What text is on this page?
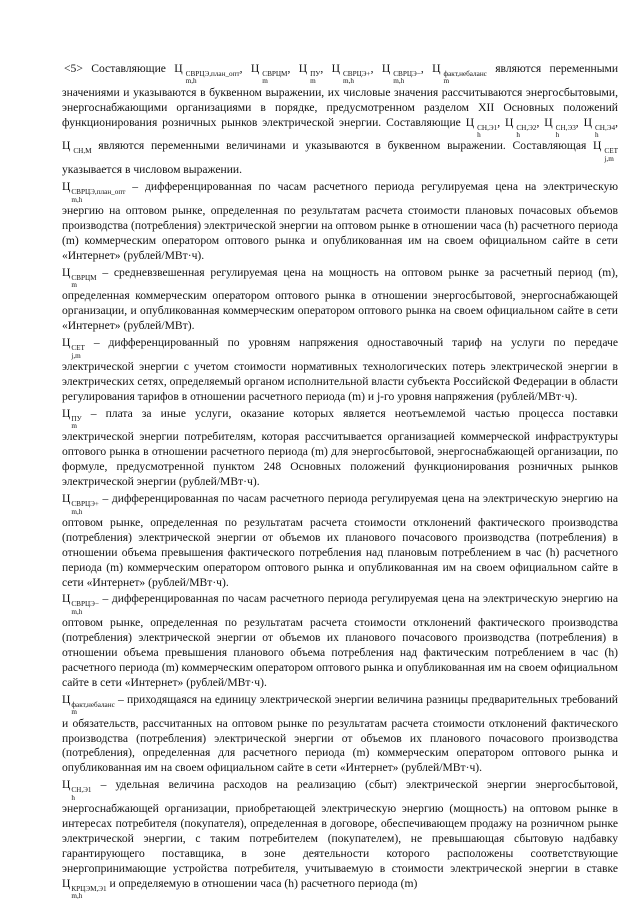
<5> Составляющие Ц СВРЦЭ,план_опт
m,h
, Ц СВРЦМ
m
, Ц ПУ
m
, Ц СВРЦЭ+
m,h
, Ц СВРЦЭ−
m,h
, Ц факт,небаланс
m
являются переменными значениями и указываются в буквенном выражении, их числовые значения рассчитываются энергосбытовыми, энергоснабжающими организациями в порядке, предусмотренном разделом XII Основных положений функционирования розничных рынков электрической энергии. Составляющие Ц СН,Э1
h
, Ц СН,Э2
h
, Ц СН,Э3
h
, Ц СН,Э4
h
, Ц СН,М являются переменными величинами и указываются в буквенном выражении. Составляющая Ц СЕТ
j,m
указывается в числовом выражении.

Ц СВРЦЭ,план_опт
m,h
– дифференцированная по часам расчетного периода регулируемая цена на электрическую энергию на оптовом рынке, определенная по результатам расчета стоимости плановых почасовых объемов производства (потребления) электрической энергии на оптовом рынке в отношении часа (h) расчетного периода (m) коммерческим оператором оптового рынка и опубликованная им на своем официальном сайте в сети «Интернет» (рублей/МВт·ч).

Ц СВРЦМ
m
– средневзвешенная регулируемая цена на мощность на оптовом рынке за расчетный период (m), определенная коммерческим оператором оптового рынка в отношении энергосбытовой, энергоснабжающей организации, и опубликованная коммерческим оператором оптового рынка на своем официальном сайте в сети «Интернет» (рублей/МВт).

Ц СЕТ
j,m
– дифференцированный по уровням напряжения одноставочный тариф на услуги по передаче электрической энергии с учетом стоимости нормативных технологических потерь электрической энергии в электрических сетях, определяемый органом исполнительной власти субъекта Российской Федерации в области регулирования тарифов в отношении расчетного периода (m) и j-го уровня напряжения (рублей/МВт·ч).

Ц ПУ
m
– плата за иные услуги, оказание которых является неотъемлемой частью процесса поставки электрической энергии потребителям, которая рассчитывается организацией коммерческой инфраструктуры оптового рынка в отношении расчетного периода (m) для энергосбытовой, энергоснабжающей организации, по формуле, предусмотренной пунктом 248 Основных положений функционирования розничных рынков электрической энергии (рублей/МВт·ч).

Ц СВРЦЭ+
m,h
– дифференцированная по часам расчетного периода регулируемая цена на электрическую энергию на оптовом рынке, определенная по результатам расчета стоимости отклонений фактического производства (потребления) электрической энергии от объемов их планового почасового производства (потребления) в отношении объема превышения фактического потребления над плановым потреблением в час (h) расчетного периода (m) коммерческим оператором оптового рынка и опубликованная им на своем официальном сайте в сети «Интернет» (рублей/МВт·ч).

Ц СВРЦЭ−
m,h
– дифференцированная по часам расчетного периода регулируемая цена на электрическую энергию на оптовом рынке, определенная по результатам расчета стоимости отклонений фактического производства (потребления) электрической энергии от объемов их планового почасового производства (потребления) в отношении объема превышения планового объема потребления над фактическим потреблением в час (h) расчетного периода (m) коммерческим оператором оптового рынка и опубликованная им на своем официальном сайте в сети «Интернет» (рублей/МВт·ч).

Ц факт,небаланс
m
– приходящаяся на единицу электрической энергии величина разницы предварительных требований и обязательств, рассчитанных на оптовом рынке по результатам расчета стоимости отклонений фактического производства (потребления) электрической энергии от объемов их планового почасового производства (потребления), определенная для расчетного периода (m) коммерческим оператором оптового рынка и опубликованная им на своем официальном сайте в сети «Интернет» (рублей/МВт·ч).

Ц СН,Э1
h
– удельная величина расходов на реализацию (сбыт) электрической энергии энергосбытовой, энергоснабжающей организации, приобретающей электрическую энергию (мощность) на оптовом рынке в интересах потребителя (покупателя), определенная в договоре, обеспечивающем продажу на розничном рынке электрической энергии, с таким потребителем (покупателем), не превышающая сбытовую надбавку гарантирующего поставщика, в зоне деятельности которого расположены соответствующие энергопринимающие устройства потребителя, учитываемую в стоимости электрической энергии в ставке Ц КРЦЭМ,Э1
m,h
и определяемую в отношении часа (h) расчетного периода (m)
